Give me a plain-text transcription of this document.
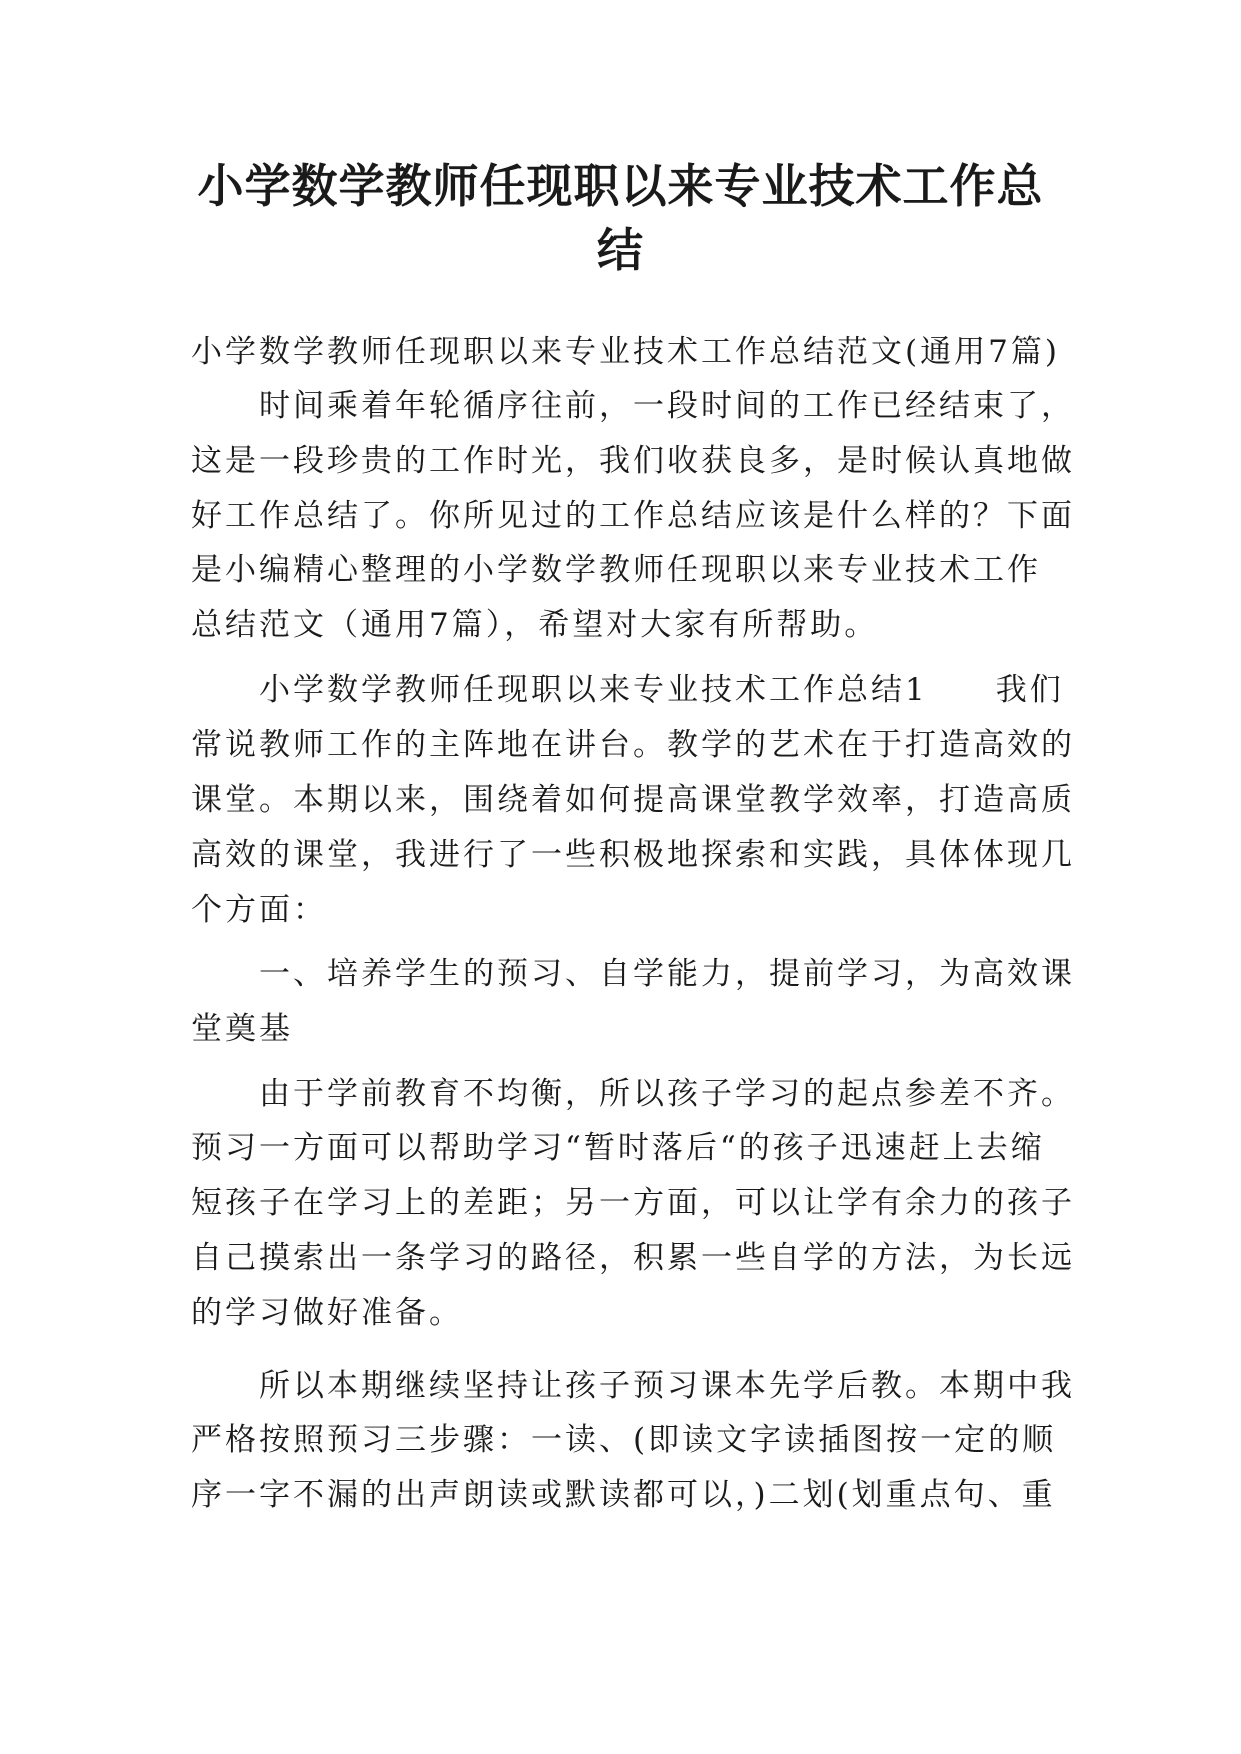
小学数学教师任现职以来专业技术工作总
结

小学数学教师任现职以来专业技术工作总结范文(通用7篇)

　　时间乘着年轮循序往前，一段时间的工作已经结束了，

这是一段珍贵的工作时光，我们收获良多，是时候认真地做

好工作总结了。你所见过的工作总结应该是什么样的？下面

是小编精心整理的小学数学教师任现职以来专业技术工作

总结范文（通用7篇），希望对大家有所帮助。

　　小学数学教师任现职以来专业技术工作总结1　　我们

常说教师工作的主阵地在讲台。教学的艺术在于打造高效的

课堂。本期以来，围绕着如何提高课堂教学效率，打造高质

高效的课堂，我进行了一些积极地探索和实践，具体体现几

个方面：

　　一、培养学生的预习、自学能力，提前学习，为高效课

堂奠基

　　由于学前教育不均衡，所以孩子学习的起点参差不齐。

预习一方面可以帮助学习“暂时落后“的孩子迅速赶上去缩

短孩子在学习上的差距；另一方面，可以让学有余力的孩子

自己摸索出一条学习的路径，积累一些自学的方法，为长远

的学习做好准备。

　　所以本期继续坚持让孩子预习课本先学后教。本期中我

严格按照预习三步骤：一读、(即读文字读插图按一定的顺

序一字不漏的出声朗读或默读都可以，)二划(划重点句、重
